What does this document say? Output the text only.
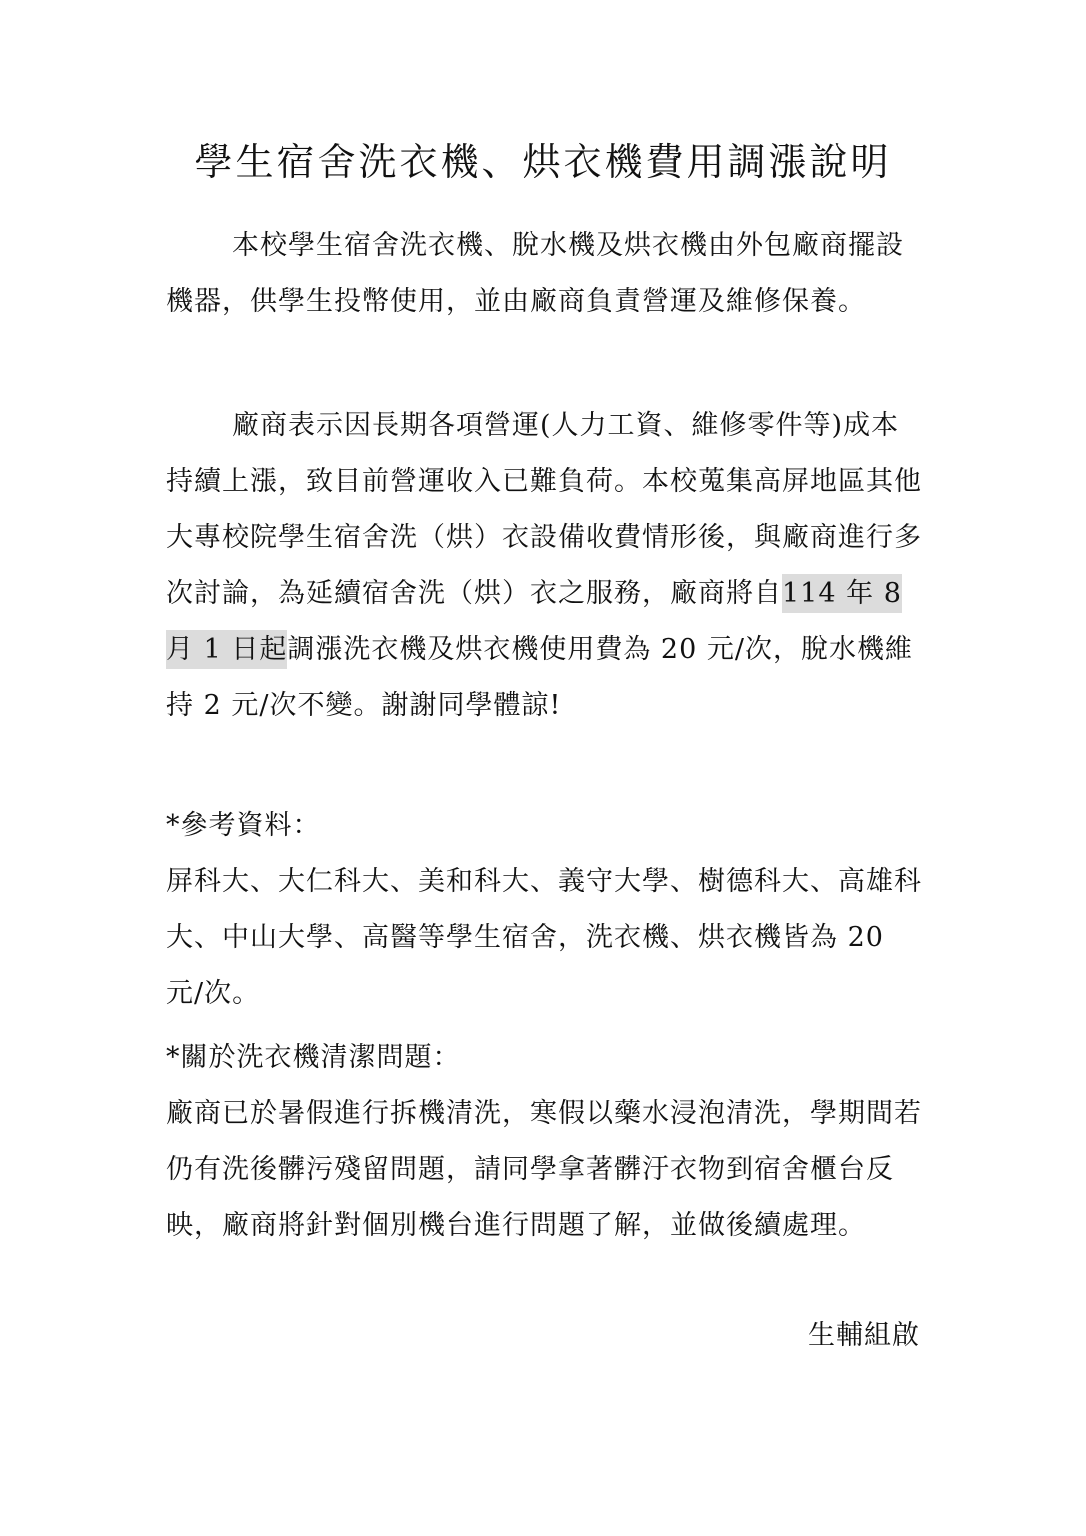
學生宿舍洗衣機、烘衣機費用調漲說明
本校學生宿舍洗衣機、脫水機及烘衣機由外包廠商擺設機器，供學生投幣使用，並由廠商負責營運及維修保養。
廠商表示因長期各項營運(人力工資、維修零件等)成本持續上漲，致目前營運收入已難負荷。本校蒐集高屏地區其他大專校院學生宿舍洗（烘）衣設備收費情形後，與廠商進行多次討論，為延續宿舍洗（烘）衣之服務，廠商將自114 年 8 月 1 日起調漲洗衣機及烘衣機使用費為 20 元/次，脫水機維持 2 元/次不變。謝謝同學體諒!
*參考資料：
屏科大、大仁科大、美和科大、義守大學、樹德科大、高雄科大、中山大學、高醫等學生宿舍，洗衣機、烘衣機皆為 20 元/次。
*關於洗衣機清潔問題：
廠商已於暑假進行拆機清洗，寒假以藥水浸泡清洗，學期間若仍有洗後髒污殘留問題，請同學拿著髒汙衣物到宿舍櫃台反映，廠商將針對個別機台進行問題了解，並做後續處理。
生輔組啟
